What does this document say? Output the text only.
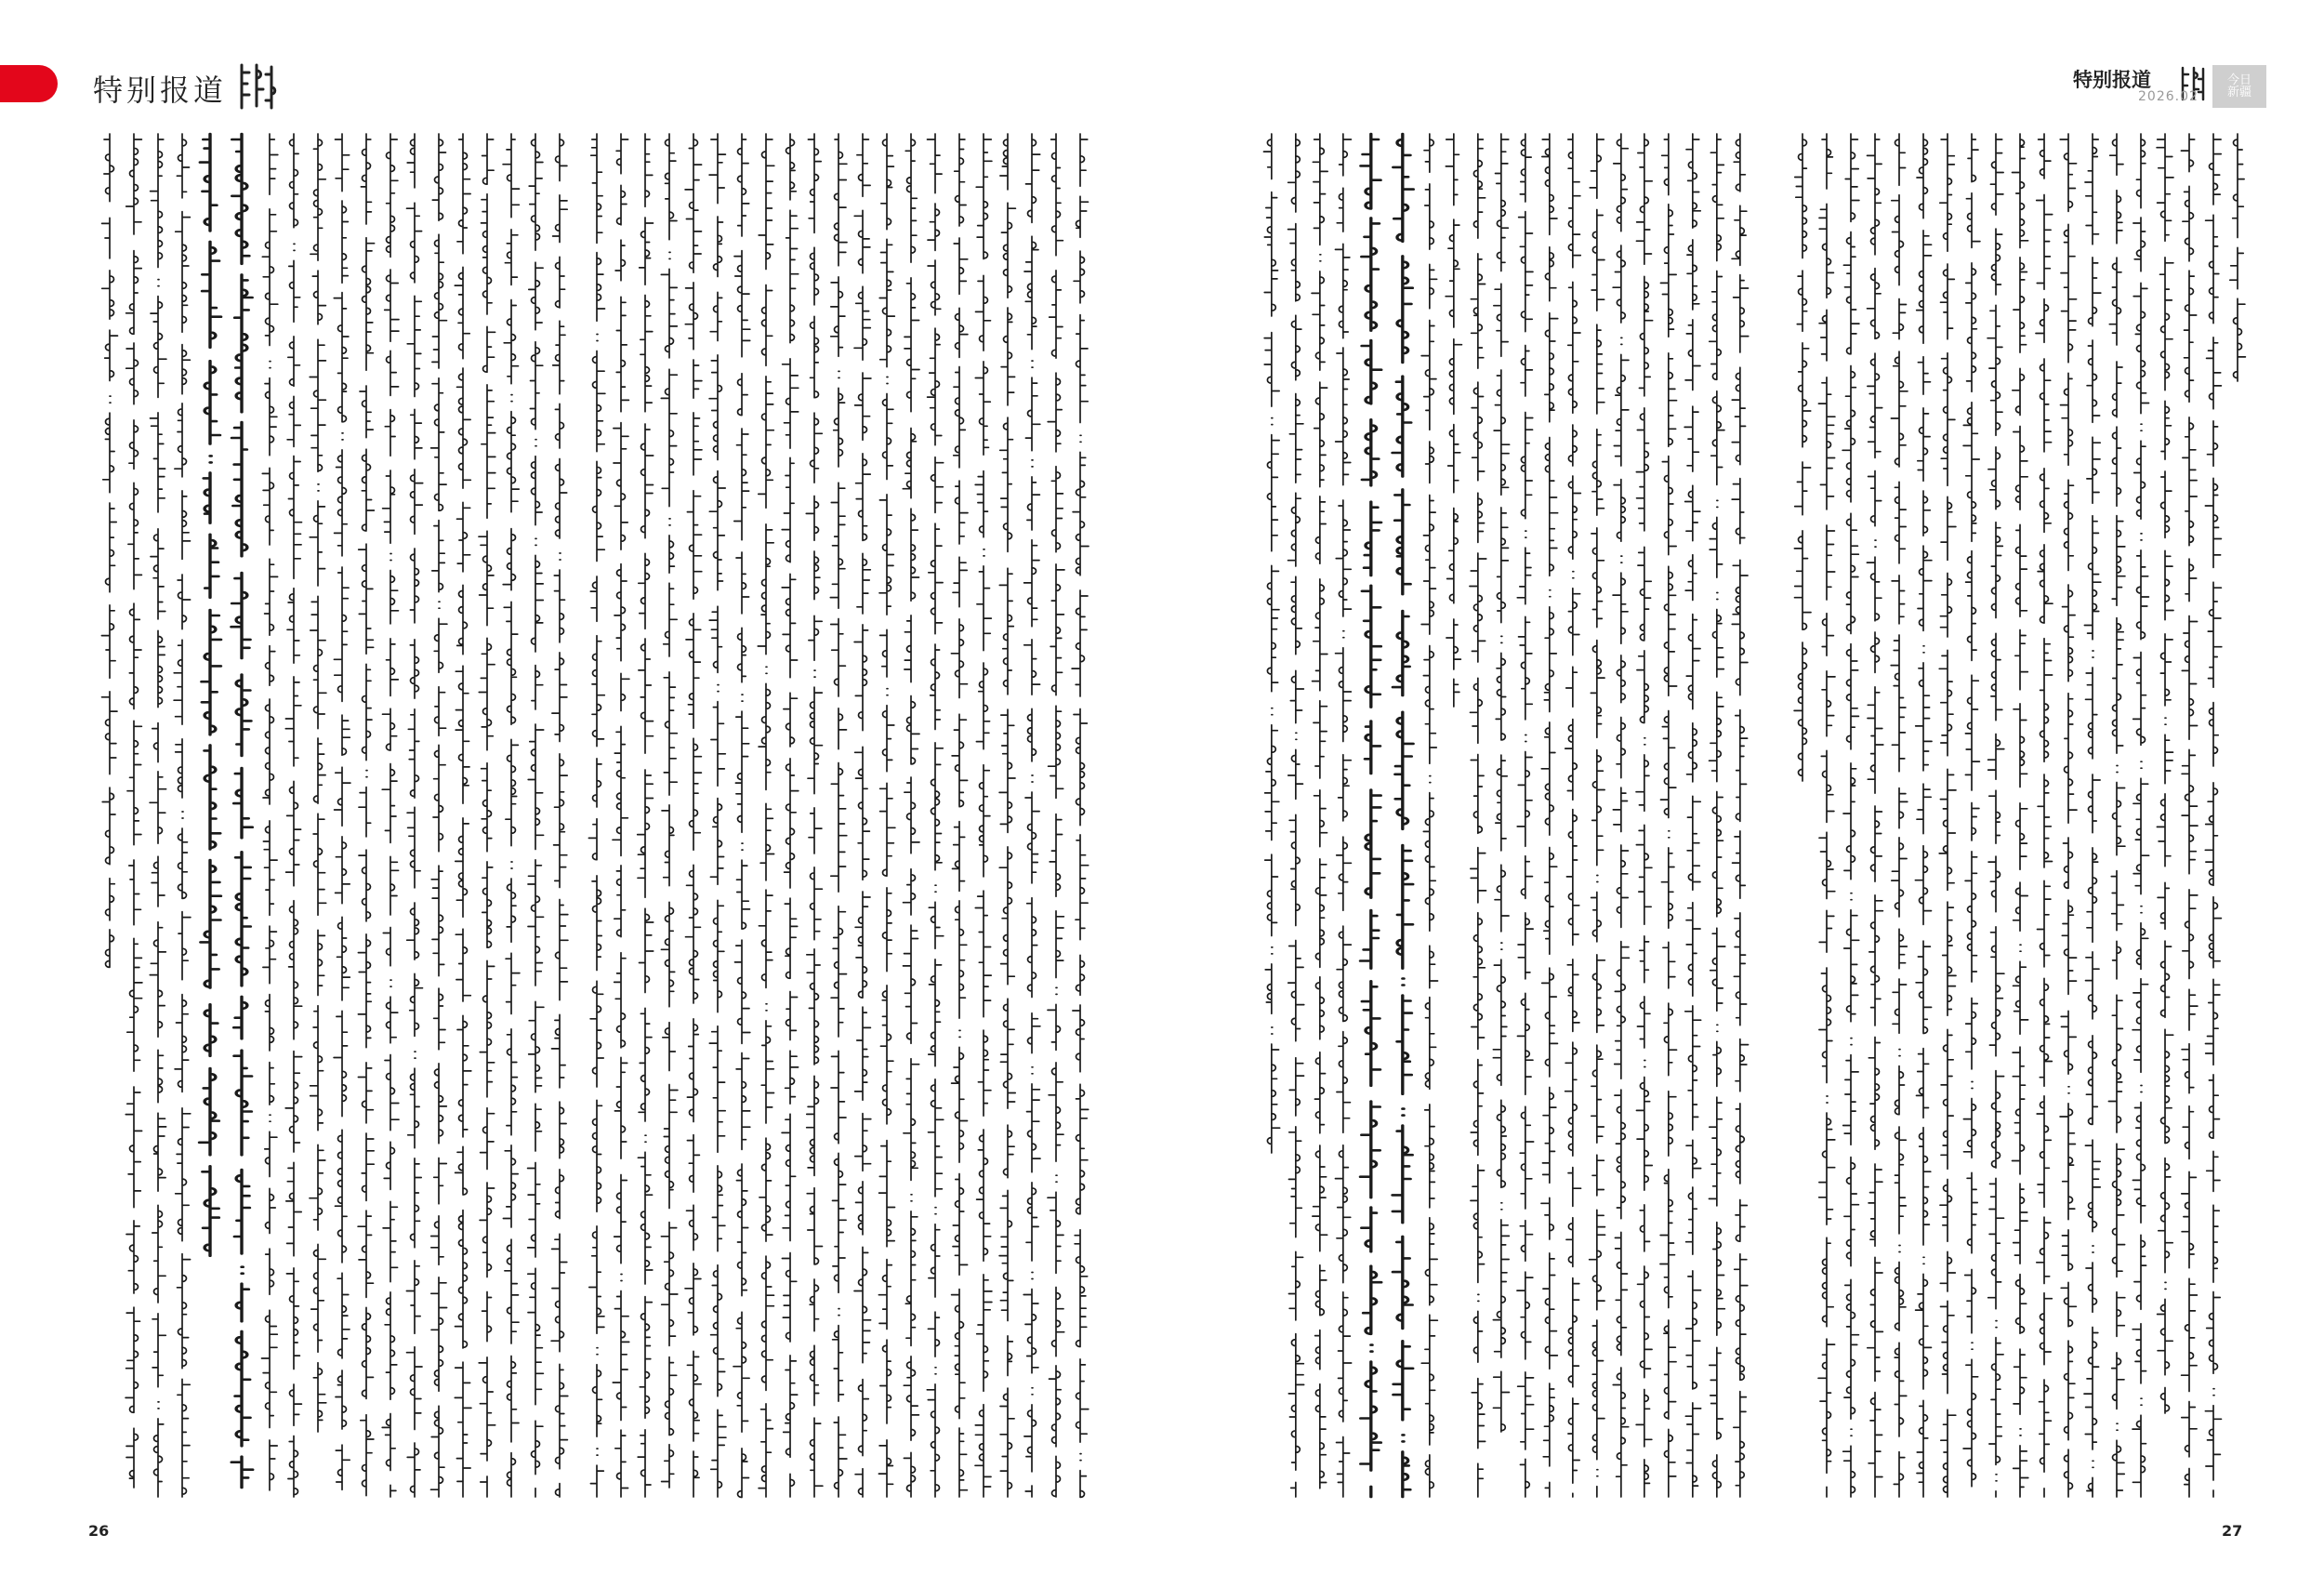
特别报道	特别报道
2026.02
今日
新疆
26	27
